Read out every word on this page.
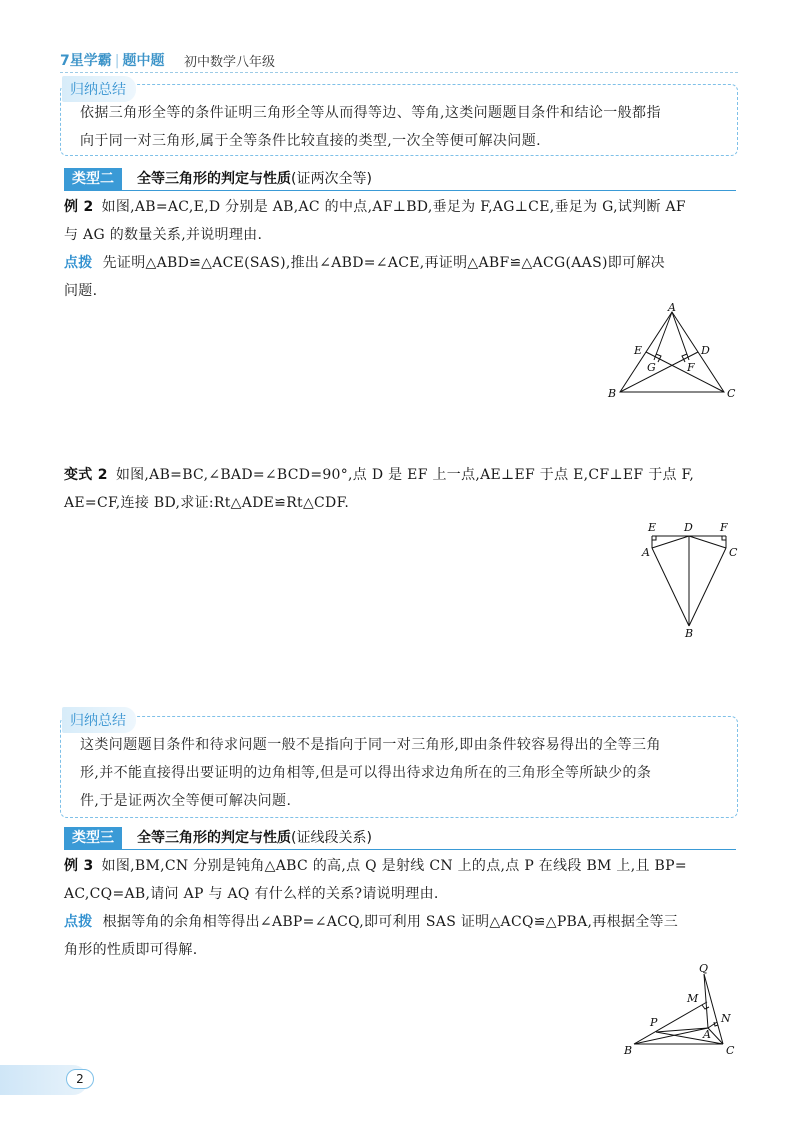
7星学霸 | 题中题 初中数学八年级
归纳总结
依据三角形全等的条件证明三角形全等从而得等边、等角,这类问题题目条件和结论一般都指
向于同一对三角形,属于全等条件比较直接的类型,一次全等便可解决问题.
类型二	全等三角形的判定与性质(证两次全等)
例 2 如图,AB=AC,E,D 分别是 AB,AC 的中点,AF⊥BD,垂足为 F,AG⊥CE,垂足为 G,试判断 AF
与 AG 的数量关系,并说明理由.
点拨 先证明△ABD≌△ACE(SAS),推出∠ABD=∠ACE,再证明△ABF≌△ACG(AAS)即可解决
问题.
A
B	C
D
E
F
G
变式 2 如图,AB=BC,∠BAD=∠BCD=90°,点 D 是 EF 上一点,AE⊥EF 于点 E,CF⊥EF 于点 F,
AE=CF,连接 BD,求证:Rt△ADE≌Rt△CDF.
E	D F
A	C
B
归纳总结
这类问题题目条件和待求问题一般不是指向于同一对三角形,即由条件较容易得出的全等三角
形,并不能直接得出要证明的边角相等,但是可以得出待求边角所在的三角形全等所缺少的条
件,于是证两次全等便可解决问题.
类型三	全等三角形的判定与性质(证线段关系)
例 3 如图,BM,CN 分别是钝角△ABC 的高,点 Q 是射线 CN 上的点,点 P 在线段 BM 上,且 BP=
AC,CQ=AB,请问 AP 与 AQ 有什么样的关系?请说明理由.
点拨 根据等角的余角相等得出∠ABP=∠ACQ,即可利用 SAS 证明△ACQ≌△PBA,再根据全等三
角形的性质即可得解.
Q
M
N
P
A
B	C
2
